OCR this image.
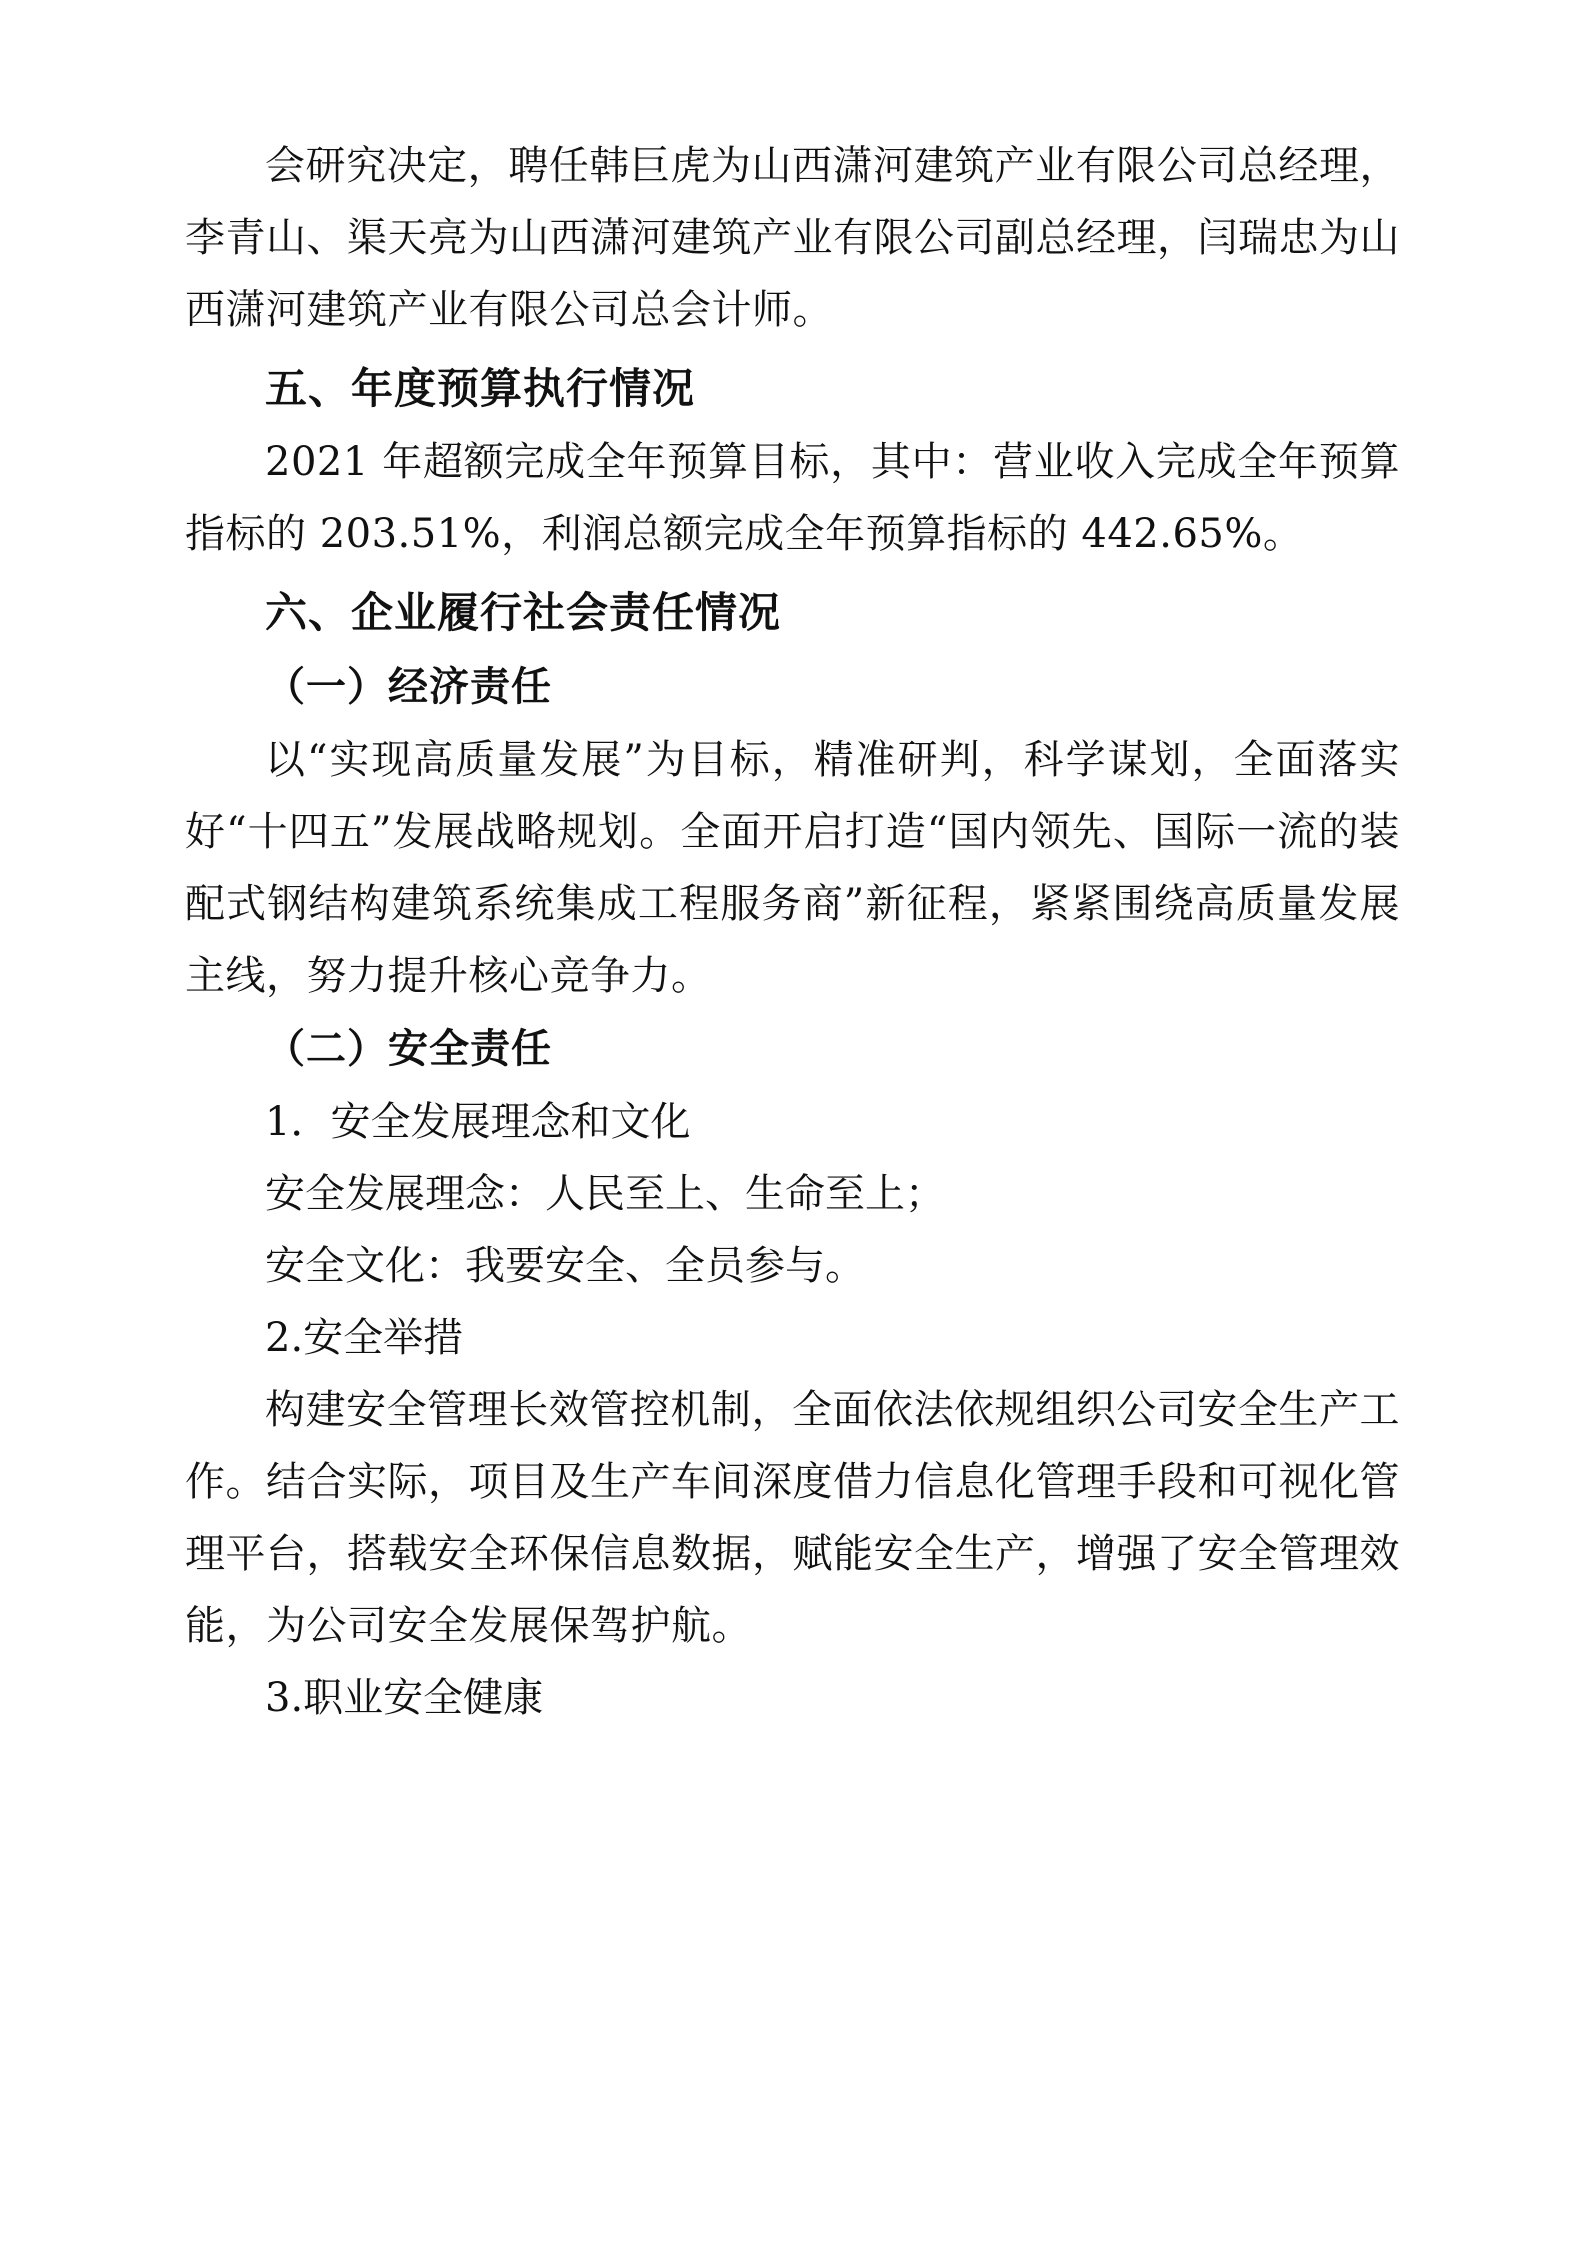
会研究决定，聘任韩巨虎为山西潇河建筑产业有限公司总经理，李青山、渠天亮为山西潇河建筑产业有限公司副总经理，闫瑞忠为山西潇河建筑产业有限公司总会计师。

五、年度预算执行情况

2021 年超额完成全年预算目标，其中：营业收入完成全年预算指标的 203.51%，利润总额完成全年预算指标的 442.65%。

六、企业履行社会责任情况

（一）经济责任

以“实现高质量发展”为目标，精准研判，科学谋划，全面落实好“十四五”发展战略规划。全面开启打造“国内领先、国际一流的装配式钢结构建筑系统集成工程服务商”新征程，紧紧围绕高质量发展主线，努力提升核心竞争力。

（二）安全责任

1．安全发展理念和文化

安全发展理念：人民至上、生命至上；

安全文化：我要安全、全员参与。

2.安全举措

构建安全管理长效管控机制，全面依法依规组织公司安全生产工作。结合实际，项目及生产车间深度借力信息化管理手段和可视化管理平台，搭载安全环保信息数据，赋能安全生产，增强了安全管理效能，为公司安全发展保驾护航。

3.职业安全健康
